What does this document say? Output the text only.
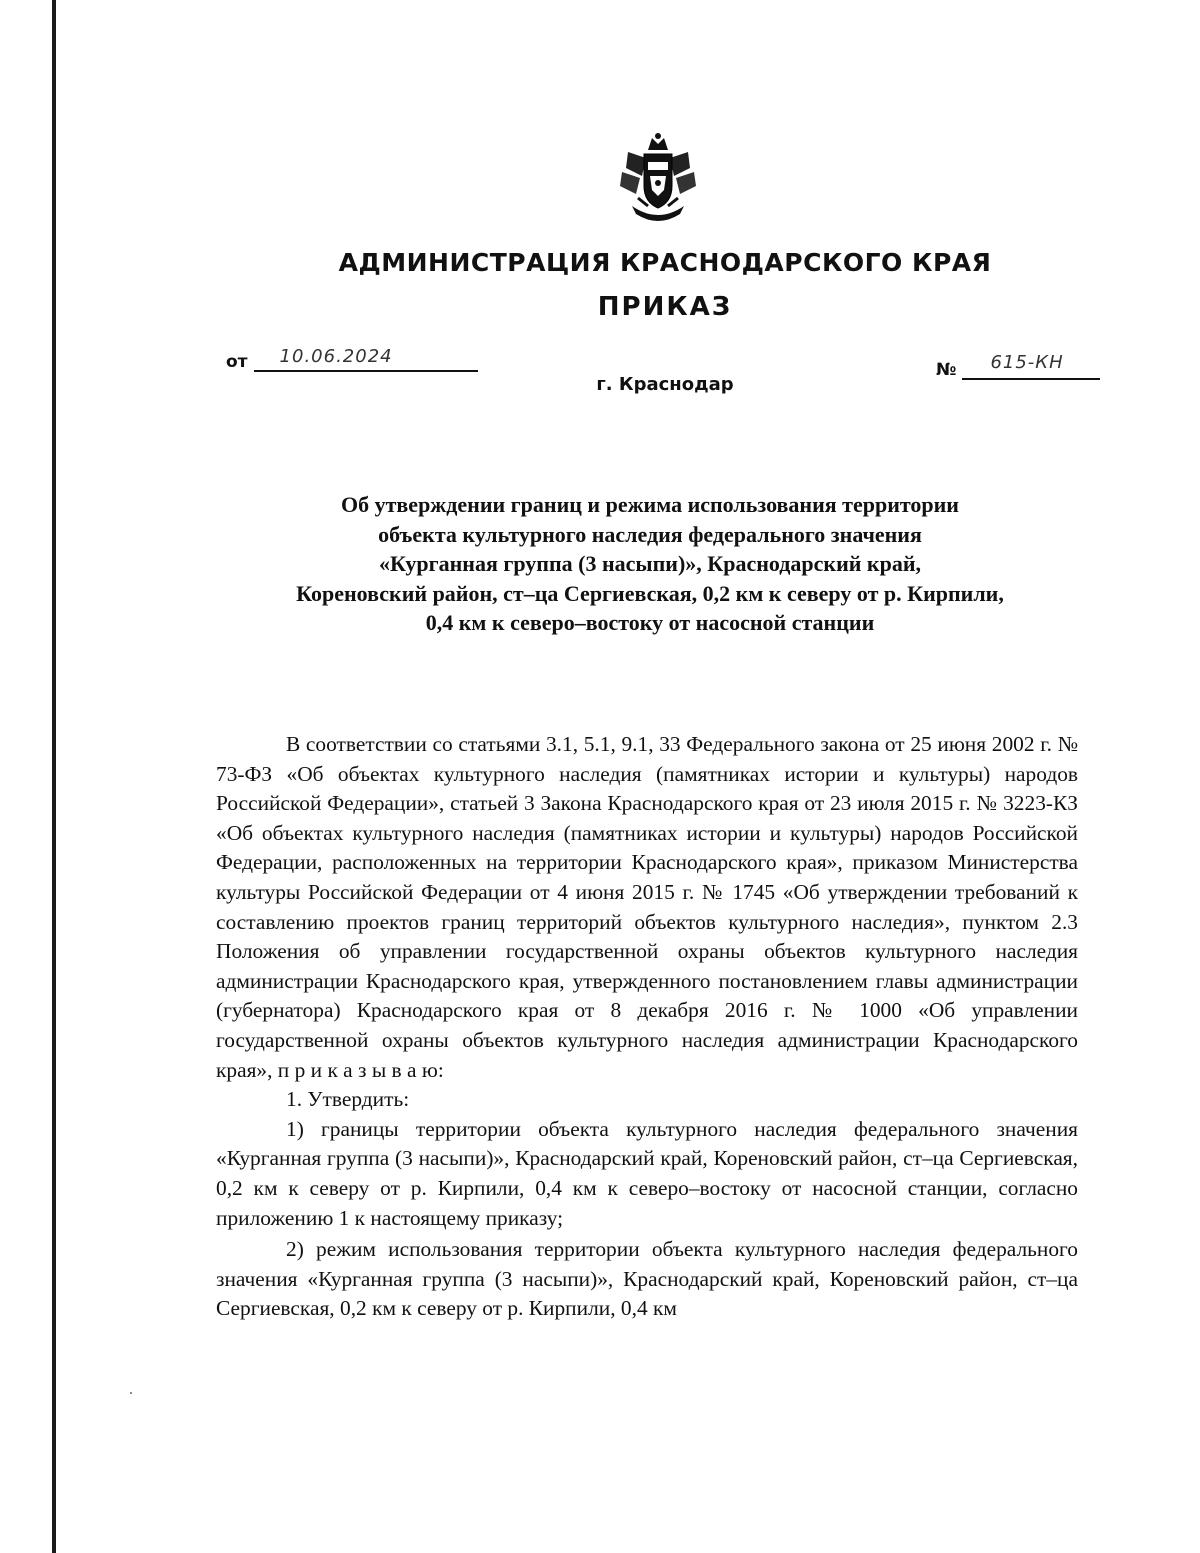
АДМИНИСТРАЦИЯ КРАСНОДАРСКОГО КРАЯ
ПРИКАЗ
от 10.06.2024
№ 615-КН
г. Краснодар
Об утверждении границ и режима использования территории
объекта культурного наследия федерального значения
«Курганная группа (3 насыпи)», Краснодарский край,
Кореновский район, ст–ца Сергиевская, 0,2 км к северу от р. Кирпили,
0,4 км к северо–востоку от насосной станции

В соответствии со статьями 3.1, 5.1, 9.1, 33 Федерального закона от 25 июня 2002 г. № 73-ФЗ «Об объектах культурного наследия (памятниках истории и культуры) народов Российской Федерации», статьей 3 Закона Краснодарского края от 23 июля 2015 г. № 3223-КЗ «Об объектах культурного наследия (памятниках истории и культуры) народов Российской Федерации, расположенных на территории Краснодарского края», приказом Министерства культуры Российской Федерации от 4 июня 2015 г. № 1745 «Об утверждении требований к составлению проектов границ территорий объектов культурного наследия», пунктом 2.3 Положения об управлении государственной охраны объектов культурного наследия администрации Краснодарского края, утвержденного постановлением главы администрации (губернатора) Краснодарского края от 8 декабря 2016 г. № 1000 «Об управлении государственной охраны объектов культурного наследия администрации Краснодарского края», п р и к а з ы в а ю:

1. Утвердить:

1) границы территории объекта культурного наследия федерального значения «Курганная группа (3 насыпи)», Краснодарский край, Кореновский район, ст–ца Сергиевская, 0,2 км к северу от р. Кирпили, 0,4 км к северо–востоку от насосной станции, согласно приложению 1 к настоящему приказу;

2) режим использования территории объекта культурного наследия федерального значения «Курганная группа (3 насыпи)», Краснодарский край, Кореновский район, ст–ца Сергиевская, 0,2 км к северу от р. Кирпили, 0,4 км
